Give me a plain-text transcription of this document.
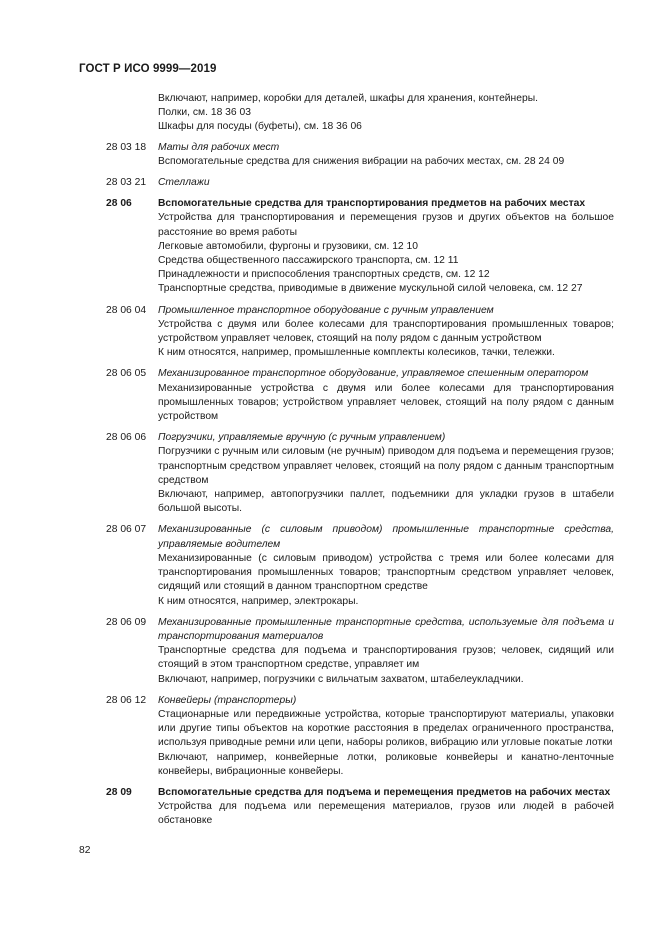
ГОСТ Р ИСО 9999—2019
Включают, например, коробки для деталей, шкафы для хранения, контейнеры.
Полки, см. 18 36 03
Шкафы для посуды (буфеты), см. 18 36 06
28 03 18	Маты для рабочих мест
Вспомогательные средства для снижения вибрации на рабочих местах, см. 28 24 09
28 03 21	Стеллажи
28 06	Вспомогательные средства для транспортирования предметов на рабочих местах
Устройства для транспортирования и перемещения грузов и других объектов на большое расстояние во время работы
Легковые автомобили, фургоны и грузовики, см. 12 10
Средства общественного пассажирского транспорта, см. 12 11
Принадлежности и приспособления транспортных средств, см. 12 12
Транспортные средства, приводимые в движение мускульной силой человека, см. 12 27
28 06 04	Промышленное транспортное оборудование с ручным управлением
Устройства с двумя или более колесами для транспортирования промышленных товаров; устройством управляет человек, стоящий на полу рядом с данным устройством
К ним относятся, например, промышленные комплекты колесиков, тачки, тележки.
28 06 05	Механизированное транспортное оборудование, управляемое спешенным оператором
Механизированные устройства с двумя или более колесами для транспортирования промышленных товаров; устройством управляет человек, стоящий на полу рядом с данным устройством
28 06 06	Погрузчики, управляемые вручную (с ручным управлением)
Погрузчики с ручным или силовым (не ручным) приводом для подъема и перемещения грузов; транспортным средством управляет человек, стоящий на полу рядом с данным транспортным средством
Включают, например, автопогрузчики паллет, подъемники для укладки грузов в штабели большой высоты.
28 06 07	Механизированные (с силовым приводом) промышленные транспортные средства, управляемые водителем
Механизированные (с силовым приводом) устройства с тремя или более колесами для транспортирования промышленных товаров; транспортным средством управляет человек, сидящий или стоящий в данном транспортном средстве
К ним относятся, например, электрокары.
28 06 09	Механизированные промышленные транспортные средства, используемые для подъема и транспортирования материалов
Транспортные средства для подъема и транспортирования грузов; человек, сидящий или стоящий в этом транспортном средстве, управляет им
Включают, например, погрузчики с вильчатым захватом, штабелеукладчики.
28 06 12	Конвейеры (транспортеры)
Стационарные или передвижные устройства, которые транспортируют материалы, упаковки или другие типы объектов на короткие расстояния в пределах ограниченного пространства, используя приводные ремни или цепи, наборы роликов, вибрацию или угловые покатые лотки
Включают, например, конвейерные лотки, роликовые конвейеры и канатно-ленточные конвейеры, вибрационные конвейеры.
28 09	Вспомогательные средства для подъема и перемещения предметов на рабочих местах
Устройства для подъема или перемещения материалов, грузов или людей в рабочей обстановке
82
